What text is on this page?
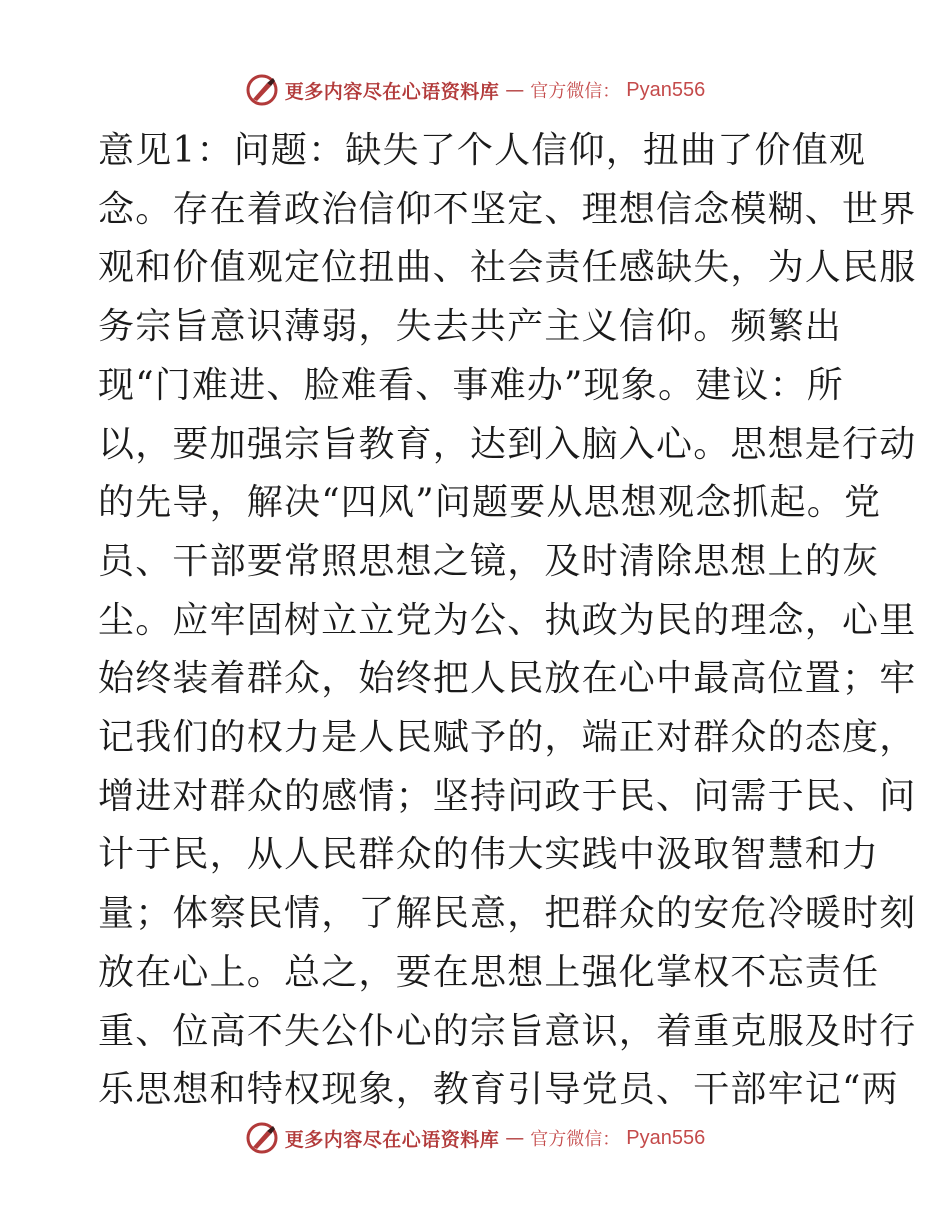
更多内容尽在心语资料库 — 官方微信： Pyan556
意见1：问题：缺失了个人信仰，扭曲了价值观
念。存在着政治信仰不坚定、理想信念模糊、世界
观和价值观定位扭曲、社会责任感缺失，为人民服
务宗旨意识薄弱，失去共产主义信仰。频繁出
现“门难进、脸难看、事难办”现象。建议：所
以，要加强宗旨教育，达到入脑入心。思想是行动
的先导，解决“四风”问题要从思想观念抓起。党
员、干部要常照思想之镜，及时清除思想上的灰
尘。应牢固树立立党为公、执政为民的理念，心里
始终装着群众，始终把人民放在心中最高位置；牢
记我们的权力是人民赋予的，端正对群众的态度，
增进对群众的感情；坚持问政于民、问需于民、问
计于民，从人民群众的伟大实践中汲取智慧和力
量；体察民情，了解民意，把群众的安危冷暖时刻
放在心上。总之，要在思想上强化掌权不忘责任
重、位高不失公仆心的宗旨意识，着重克服及时行
乐思想和特权现象，教育引导党员、干部牢记“两
更多内容尽在心语资料库 — 官方微信： Pyan556
